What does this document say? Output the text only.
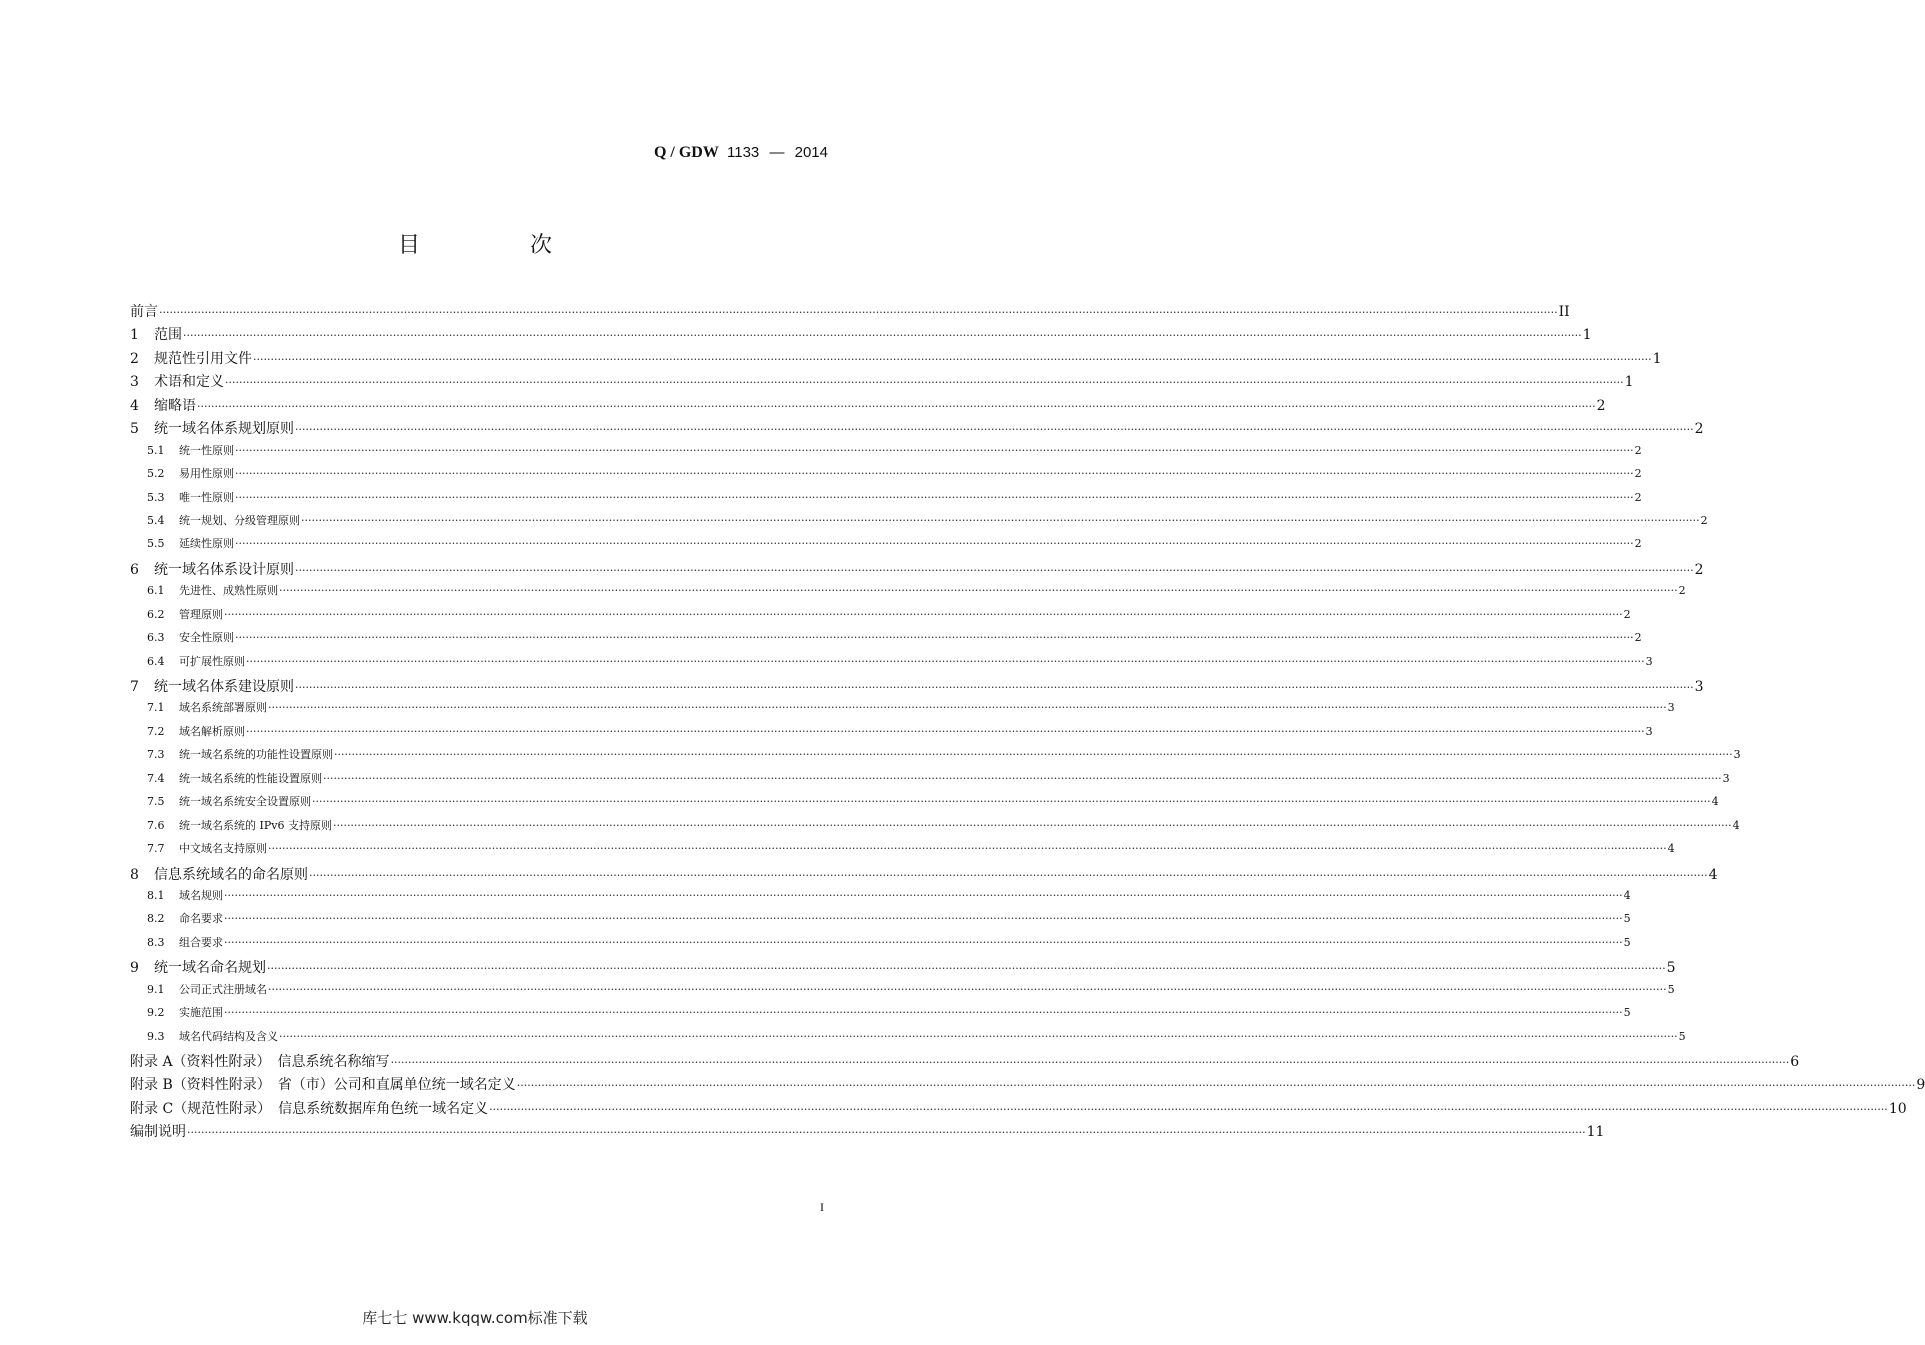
Q / GDW 1133 — 2014
目　次
前言 ················································································································································································································································································································································································································ II
1 范围 ················································································································································································································································································································································································································ 1
2 规范性引用文件 ················································································································································································································································································································································································································ 1
3 术语和定义 ················································································································································································································································································································································································································ 1
4 缩略语 ················································································································································································································································································································································································································ 2
5 统一域名体系规划原则 ················································································································································································································································································································································································································ 2
5.1 统一性原则 ················································································································································································································································································································································································································ 2
5.2 易用性原则 ················································································································································································································································································································································································································ 2
5.3 唯一性原则 ················································································································································································································································································································································································································ 2
5.4 统一规划、分级管理原则 ················································································································································································································································································································································································································ 2
5.5 延续性原则 ················································································································································································································································································································································································································ 2
6 统一域名体系设计原则 ················································································································································································································································································································································································································ 2
6.1 先进性、成熟性原则 ················································································································································································································································································································································································································ 2
6.2 管理原则 ················································································································································································································································································································································································································ 2
6.3 安全性原则 ················································································································································································································································································································································································································ 2
6.4 可扩展性原则 ················································································································································································································································································································································································································ 3
7 统一域名体系建设原则 ················································································································································································································································································································································································································ 3
7.1 域名系统部署原则 ················································································································································································································································································································································································································ 3
7.2 域名解析原则 ················································································································································································································································································································································································································ 3
7.3 统一域名系统的功能性设置原则 ················································································································································································································································································································································································································ 3
7.4 统一域名系统的性能设置原则 ················································································································································································································································································································································································································ 3
7.5 统一域名系统安全设置原则 ················································································································································································································································································································································································································ 4
7.6 统一域名系统的 IPv6 支持原则 ················································································································································································································································································································································································································ 4
7.7 中文域名支持原则 ················································································································································································································································································································································································································ 4
8 信息系统域名的命名原则 ················································································································································································································································································································································································································ 4
8.1 域名规则 ················································································································································································································································································································································································································ 4
8.2 命名要求 ················································································································································································································································································································································································································ 5
8.3 组合要求 ················································································································································································································································································································································································································ 5
9 统一域名命名规划 ················································································································································································································································································································································································································ 5
9.1 公司正式注册域名 ················································································································································································································································································································································································································ 5
9.2 实施范围 ················································································································································································································································································································································································································ 5
9.3 域名代码结构及含义 ················································································································································································································································································································································································································ 5
附录 A（资料性附录）　信息系统名称缩写 ················································································································································································································································································································································································································ 6
附录 B（资料性附录）　省（市）公司和直属单位统一域名定义 ················································································································································································································································································································································································································ 9
附录 C（规范性附录）　信息系统数据库角色统一域名定义 ················································································································································································································································································································································································································ 10
编制说明 ················································································································································································································································································································································································································ 11
I
库七七 www.kqqw.com标准下载
